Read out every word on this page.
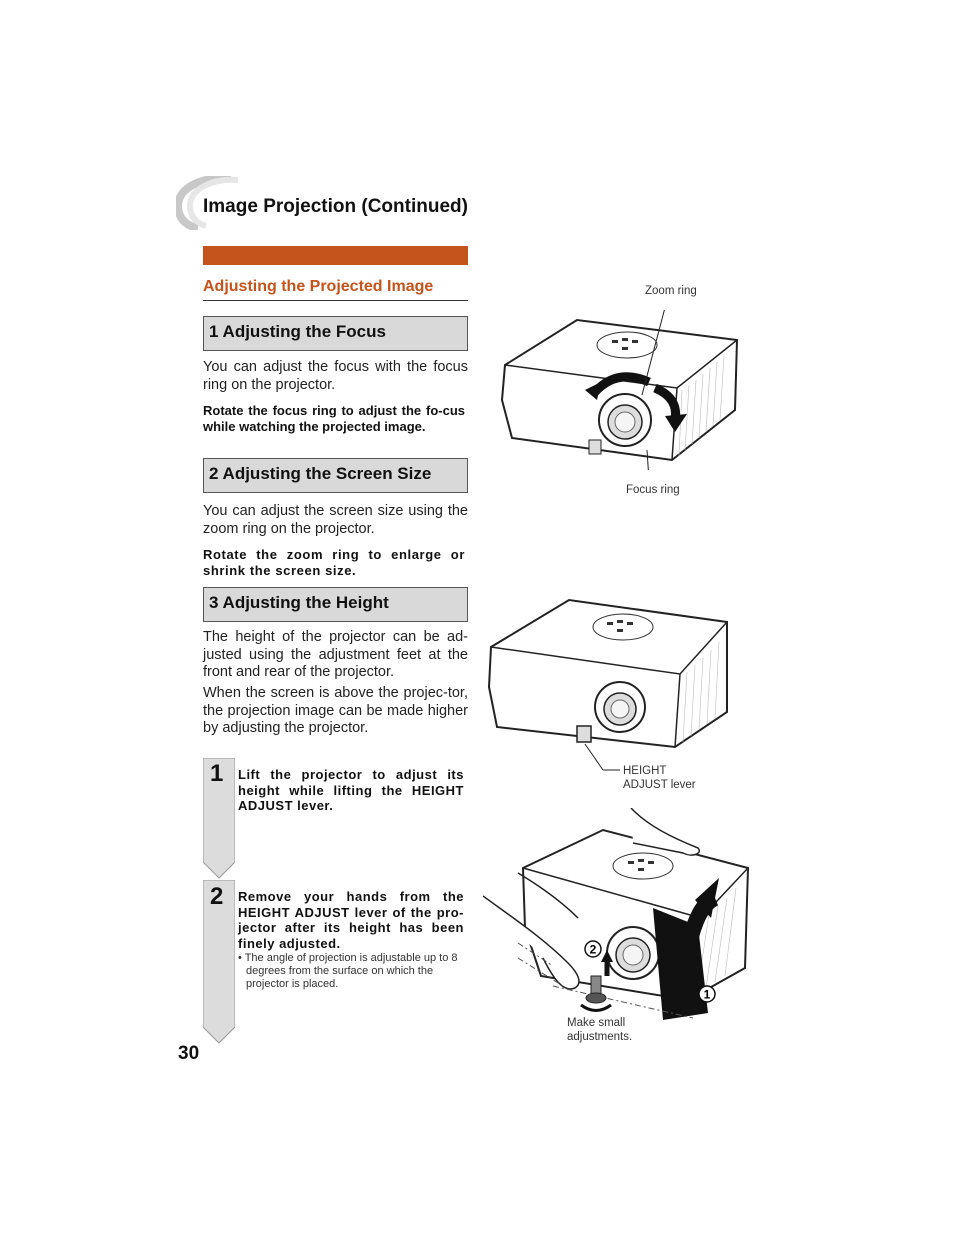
Image Projection (Continued)
Adjusting the Projected Image
1 Adjusting the Focus
You can adjust the focus with the focus ring on the projector.
Rotate the focus ring to adjust the fo-cus while watching the projected image.
2 Adjusting the Screen Size
You can adjust the screen size using the zoom ring on the projector.
Rotate the zoom ring to enlarge or shrink the screen size.
3 Adjusting the Height
The height of the projector can be ad-justed using the adjustment feet at the front and rear of the projector.
When the screen is above the projec-tor, the projection image can be made higher by adjusting the projector.
1 Lift the projector to adjust its height while lifting the HEIGHT ADJUST lever.
2 Remove your hands from the HEIGHT ADJUST lever of the pro-jector after its height has been finely adjusted.
• The angle of projection is adjustable up to 8 degrees from the surface on which the projector is placed.
30
Zoom ring
Focus ring
HEIGHT
ADJUST lever
2
1
Make small
adjustments.
